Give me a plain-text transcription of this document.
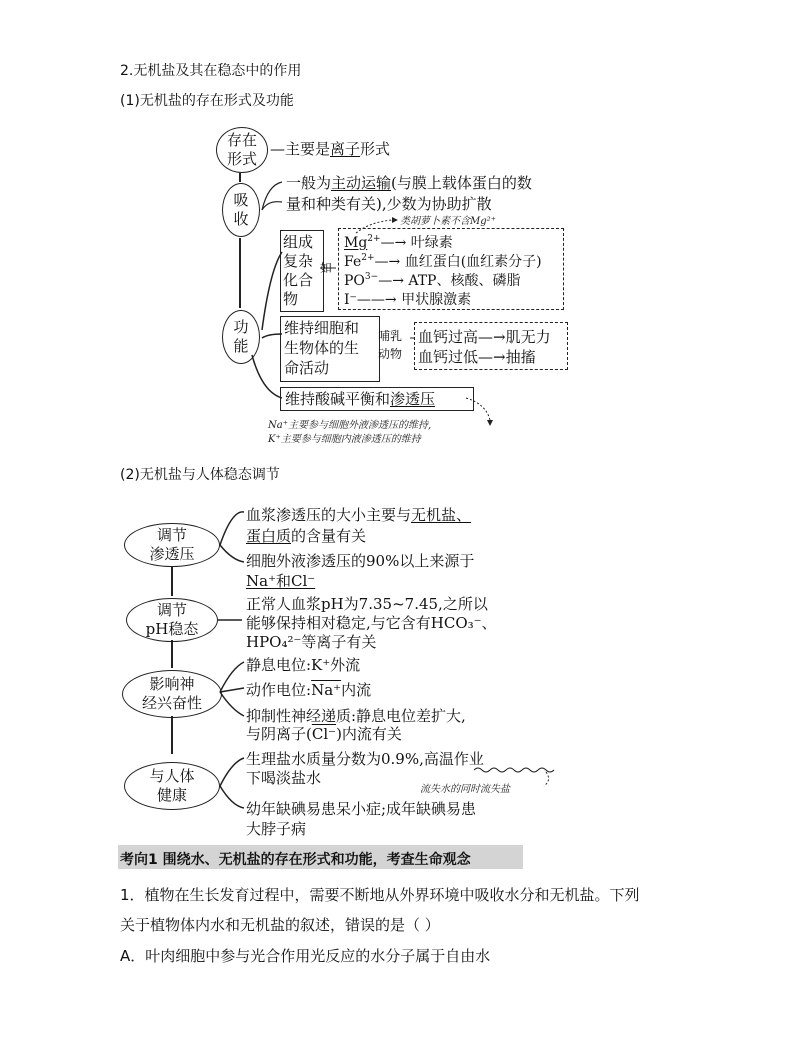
2.无机盐及其在稳态中的作用
(1)无机盐的存在形式及功能
存在
形式
—主要是离子形式
吸
收
一般为主动运输(与膜上载体蛋白的数
量和种类有关),少数为协助扩散
类胡萝卜素不含Mg²⁺
组成
复杂
化合
物
如
$Mg^{2+}—\to$ 叶绿素
$Fe^{2+}—\to$ 血红蛋白(血红素分子)
$PO^{3-}—\to$ ATP、核酸、磷脂
I⁻——→ 甲状腺激素
功
能
维持细胞和
生物体的生
命活动
哺乳
动物
血钙过高—→肌无力
血钙过低—→抽搐
维持酸碱平衡和渗透压
Na⁺主要参与细胞外液渗透压的维持,
K⁺主要参与细胞内液渗透压的维持
(2)无机盐与人体稳态调节
调节
渗透压
血浆渗透压的大小主要与无机盐、
蛋白质的含量有关
细胞外液渗透压的90%以上来源于
Na⁺和Cl⁻
调节
pH稳态
正常人血浆pH为7.35~7.45,之所以
能够保持相对稳定,与它含有HCO₃⁻、
HPO₄²⁻等离子有关
影响神
经兴奋性
静息电位:K⁺外流
动作电位:Na⁺内流
抑制性神经递质:静息电位差扩大,
与阴离子(Cl⁻)内流有关
与人体
健康
生理盐水质量分数为0.9%,高温作业
下喝淡盐水
流失水的同时流失盐
幼年缺碘易患呆小症;成年缺碘易患
大脖子病
考向1 围绕水、无机盐的存在形式和功能，考查生命观念
1．植物在生长发育过程中，需要不断地从外界环境中吸收水分和无机盐。下列
关于植物体内水和无机盐的叙述，错误的是（ ）
A．叶肉细胞中参与光合作用光反应的水分子属于自由水
